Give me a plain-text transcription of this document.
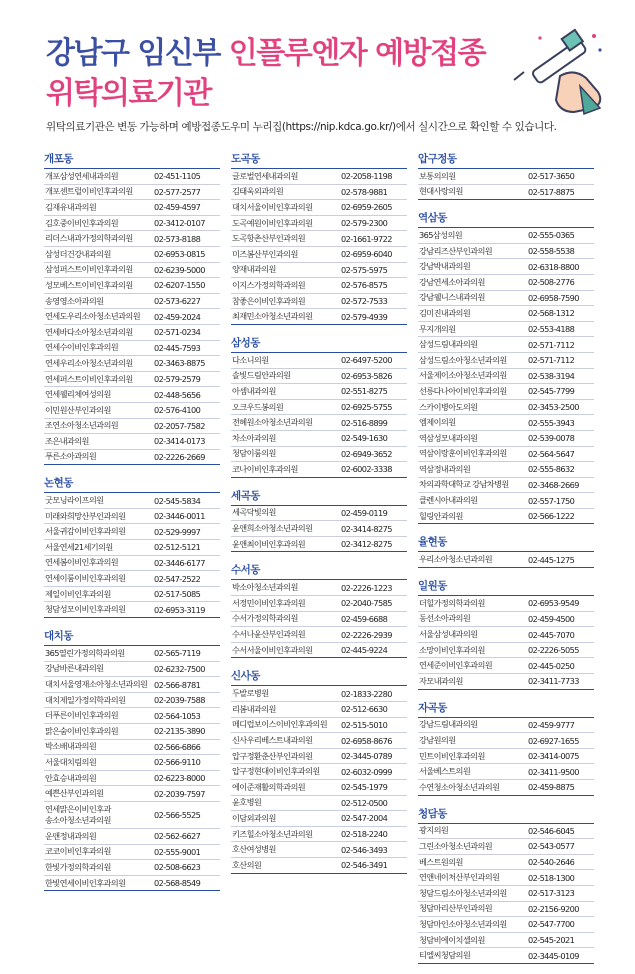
강남구 임신부 인플루엔자 예방접종
위탁의료기관
위탁의료기관은 변동 가능하며 예방접종도우미 누리집(https://nip.kdca.go.kr/)에서 실시간으로 확인할 수 있습니다.
개포동
개포삼성연세내과의원	02-451-1105
개포센트럴이비인후과의원	02-577-2577
김재유내과의원	02-459-4597
김호중이비인후과의원	02-3412-0107
리더스내과가정의학과의원	02-573-8188
삼성더건강내과의원	02-6953-0815
삼성퍼스트이비인후과의원	02-6239-5000
성모베스트이비인후과의원	02-6207-1550
송영영소아과의원	02-573-6227
연세도우리소아청소년과의원	02-459-2024
연세바다소아청소년과의원	02-571-0234
연세수이비인후과의원	02-445-7593
연세우리소아청소년과의원	02-3463-8875
연세퍼스트이비인후과의원	02-579-2579
연세웰리체여성의원	02-448-5656
이민원산부인과의원	02-576-4100
조연소아청소년과의원	02-2057-7582
조은내과의원	02-3414-0173
푸른소아과의원	02-2226-2669
논현동
굿모닝라이프의원	02-545-5834
미래와희망산부인과의원	02-3446-0011
서울귀감이비인후과의원	02-529-9997
서울연세21세기의원	02-512-5121
연세봄이비인후과의원	02-3446-6177
연세이룸이비인후과의원	02-547-2522
제일이비인후과의원	02-517-5085
청담성모이비인후과의원	02-6953-3119
대치동
365열린가정의학과의원	02-565-7119
강남바른내과의원	02-6232-7500
대치서울영재소아청소년과의원 02-566-8781
대치제일가정의학과의원	02-2039-7588
더푸른이비인후과의원	02-564-1053
맑은숨이비인후과의원	02-2135-3890
박소배내과의원	02-566-6866
서울대치림의원	02-566-9110
안효승내과의원	02-6223-8000
예쁜산부인과의원	02-2039-7597
연세맑은이비인후과
송소아청소년과의원	02-566-5525
운앤정내과의원	02-562-6627
코코이비인후과의원	02-555-9001
한빛가정의학과의원	02-508-6623
한빛연세이비인후과의원	02-568-8549
도곡동
글로벌연세내과의원	02-2058-1198
김태욱외과의원	02-578-9881
대치서울이비인후과의원	02-6959-2605
도곡예원이비인후과의원	02-579-2300
도곡항촌산부인과의원	02-1661-9722
미즈봄산부인과의원	02-6959-6040
양재내과의원	02-575-5975
이지스가정의학과의원	02-576-8575
참좋은이비인후과의원	02-572-7533
최재민소아청소년과의원	02-579-4939
삼성동
다소니의원	02-6497-5200
솔빛드림안과의원	02-6953-5826
아셈내과의원	02-551-8275
오크우드봉의원	02-6925-5755
전혜원소아청소년과의원	02-516-8899
차소아과의원	02-549-1630
청담이룸의원	02-6949-3652
코나이비인후과의원	02-6002-3338
세곡동
세곡닥빛의원	02-459-0119
윤앤희소아청소년과의원	02-3414-8275
윤앤최이비인후과의원	02-3412-8275
수서동
박소아청소년과의원	02-2226-1223
서정민이비인후과의원	02-2040-7585
수서가정의학과의원	02-459-6688
수서나윤산부인과의원	02-2226-2939
수서서울이비인후과의원	02-445-9224
신사동
두발로병원	02-1833-2280
리봄내과의원	02-512-6630
메디럽보이스이비인후과의원	02-515-5010
신사우리베스트내과의원	02-6958-8676
압구정환춘산부인과의원	02-3445-0789
압구정현대이비인후과의원	02-6032-0999
에이준재활의학과의원	02-545-1979
윤호병원	02-512-0500
이담외과의원	02-547-2004
키즈힐소아청소년과의원	02-518-2240
호산여성병원	02-546-3493
호산의원	02-546-3491
압구정동
보통의의원	02-517-3650
현대사랑의원	02-517-8875
역삼동
365삼성의원	02-555-0365
강남리즈산부인과의원	02-558-5538
강남박내과의원	02-6318-8800
강남연세소아과의원	02-508-2776
강남웰니스내과의원	02-6958-7590
김미진내과의원	02-568-1312
무지개의원	02-553-4188
삼성드림내과의원	02-571-7112
삼성드림소아청소년과의원	02-571-7112
서울제이소아청소년과의원	02-538-3194
선릉다나아이비인후과의원	02-545-7799
스카이병아도의원	02-3453-2500
엠제이의원	02-555-3943
역삼성모내과의원	02-539-0078
역삼이랑훈이비인후과의원	02-564-5647
역삼정내과의원	02-555-8632
차의과학대학교 강남차병원	02-3468-2669
클렌시아내과의원	02-557-1750
힐링안과의원	02-566-1222
율현동
우리소아청소년과의원	02-445-1275
일원동
더힐가정의학과의원	02-6953-9549
동선소아과의원	02-459-4500
서울삼성내과의원	02-445-7070
소망이비인후과의원	02-2226-5055
연세준이비인후과의원	02-445-0250
자모내과의원	02-3411-7733
자곡동
강남드림내과의원	02-459-9777
강남원의원	02-6927-1655
민트이비인후과의원	02-3414-0075
서울베스트의원	02-3411-9500
수연청소아청소년과의원	02-459-8875
청담동
광지의원	02-546-6045
그린소아청소년과의원	02-543-0577
베스트원의원	02-540-2646
연앤네이처산부인과의원	02-518-1300
청담드림소아청소년과의원	02-517-3123
청담마리산부인과의원	02-2156-9200
청담마인소아청소년과의원	02-547-7700
청담비에이치셀의원	02-545-2021
티엘씨청담의원	02-3445-0109
